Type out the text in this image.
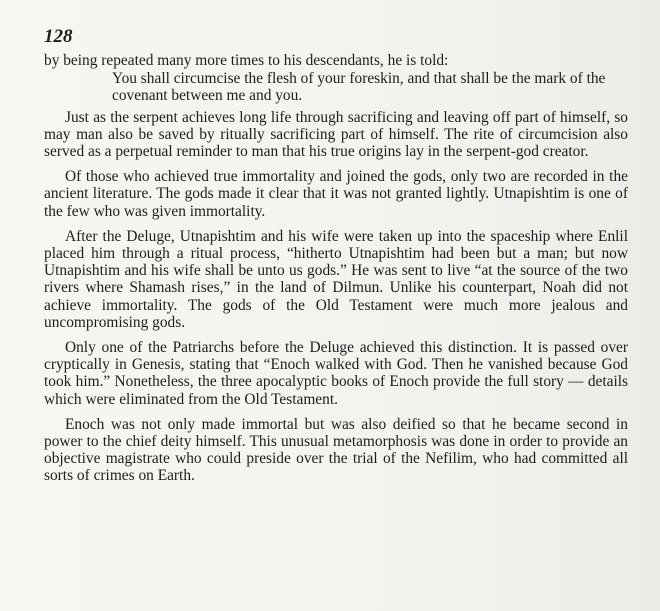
128

by being repeated many more times to his descendants, he is told:

You shall circumcise the flesh of your foreskin, and that shall be the mark of the covenant between me and you.

Just as the serpent achieves long life through sacrificing and leaving off part of himself, so may man also be saved by ritually sacrificing part of himself. The rite of circumcision also served as a perpetual reminder to man that his true origins lay in the serpent-god creator.

Of those who achieved true immortality and joined the gods, only two are recorded in the ancient literature. The gods made it clear that it was not granted lightly. Utnapishtim is one of the few who was given immortality.

After the Deluge, Utnapishtim and his wife were taken up into the spaceship where Enlil placed him through a ritual process, “hitherto Utnapishtim had been but a man; but now Utnapishtim and his wife shall be unto us gods.” He was sent to live “at the source of the two rivers where Shamash rises,” in the land of Dilmun. Unlike his counterpart, Noah did not achieve immortality. The gods of the Old Testament were much more jealous and uncompromising gods.

Only one of the Patriarchs before the Deluge achieved this distinction. It is passed over cryptically in Genesis, stating that “Enoch walked with God. Then he vanished because God took him.” Nonetheless, the three apocalyptic books of Enoch provide the full story — details which were eliminated from the Old Testament.

Enoch was not only made immortal but was also deified so that he became second in power to the chief deity himself. This unusual metamorphosis was done in order to provide an objective magistrate who could preside over the trial of the Nefilim, who had committed all sorts of crimes on Earth.
